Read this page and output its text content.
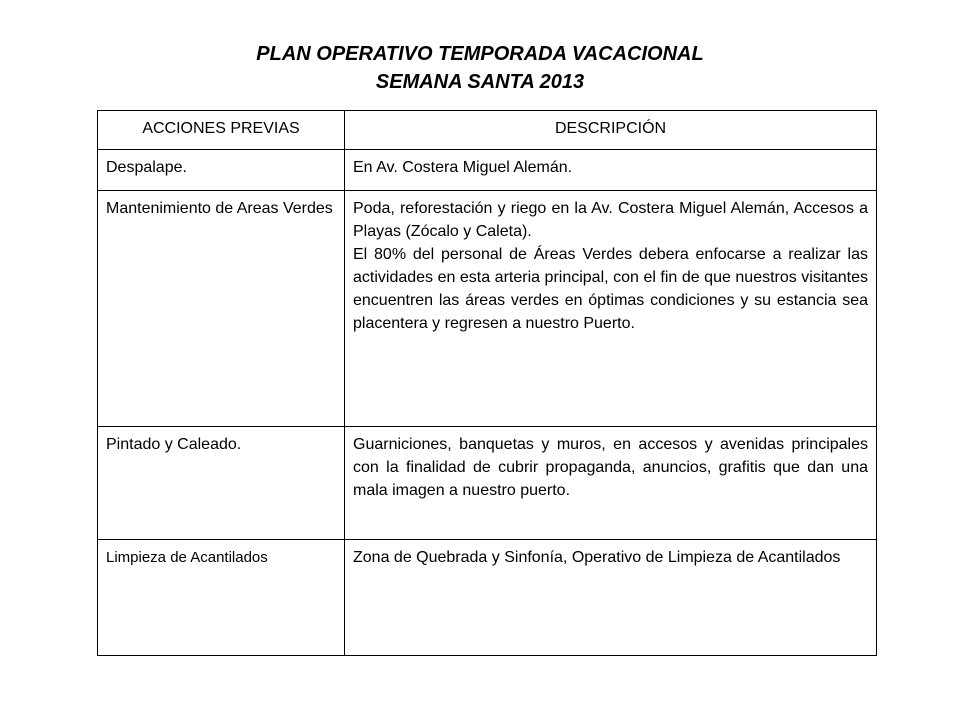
PLAN OPERATIVO TEMPORADA VACACIONAL
SEMANA SANTA 2013
ACCIONES PREVIAS	DESCRIPCIÓN
Despalape.	En Av. Costera Miguel Alemán.

Mantenimiento de Areas Verdes	Poda, reforestación y riego en la Av. Costera Miguel Alemán, Accesos a Playas (Zócalo y Caleta).

El 80% del personal de Áreas Verdes debera enfocarse a realizar las actividades en esta arteria principal, con el fin de que nuestros visitantes encuentren las áreas verdes en óptimas condiciones y su estancia sea placentera y regresen a nuestro Puerto.

Pintado y Caleado.	Guarniciones, banquetas y muros, en accesos y avenidas principales con la finalidad de cubrir propaganda, anuncios, grafitis que dan una mala imagen a nuestro puerto.

Limpieza de Acantilados	Zona de Quebrada y Sinfonía, Operativo de Limpieza de Acantilados
